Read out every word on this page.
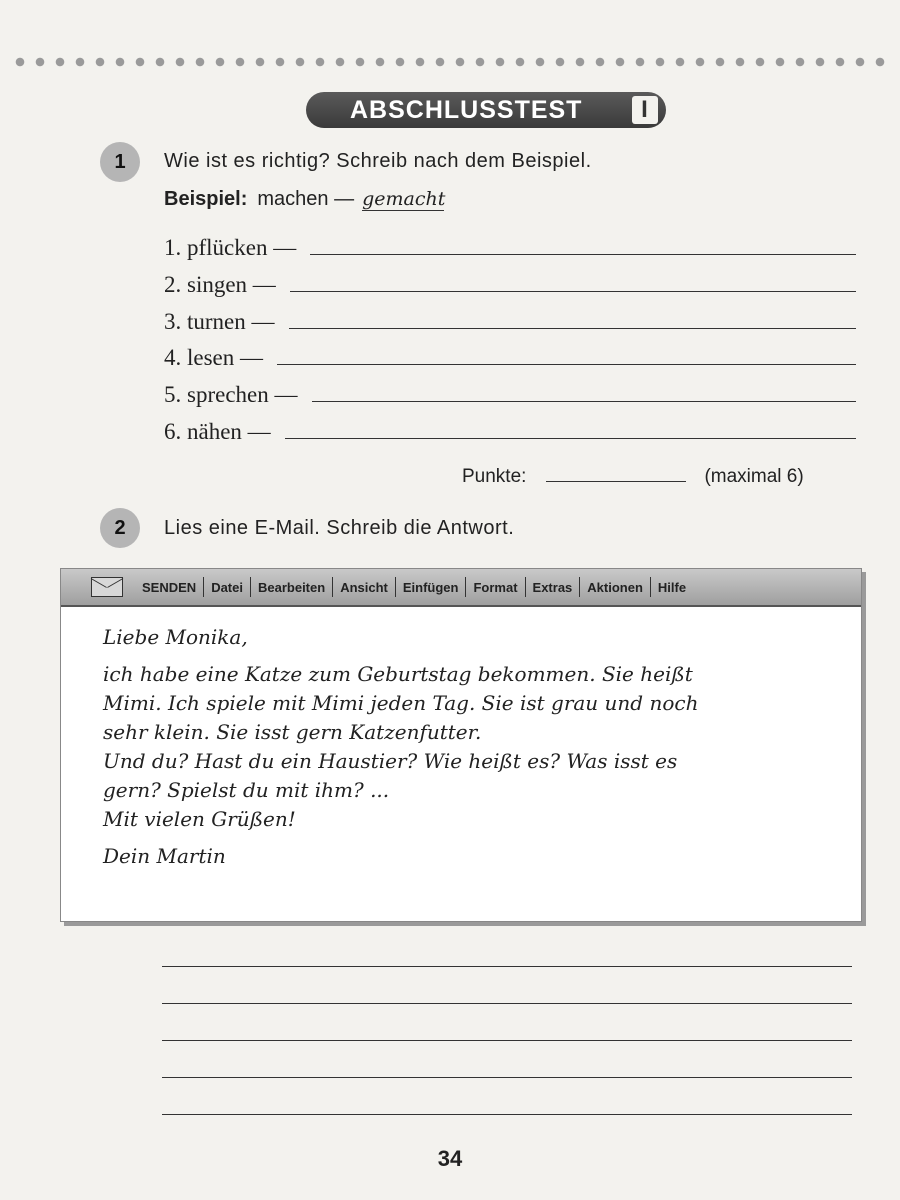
ABSCHLUSSTEST	I
1	Wie ist es richtig? Schreib nach dem Beispiel.
Beispiel: machen — gemacht
1. pflücken —
2. singen —
3. turnen —
4. lesen —
5. sprechen —
6. nähen —
Punkte:	(maximal 6)
2	Lies eine E-Mail. Schreib die Antwort.
SENDEN	Datei	Bearbeiten	Ansicht	Einfügen	Format	Extras	Aktionen	Hilfe

Liebe Monika,

ich habe eine Katze zum Geburtstag bekommen. Sie heißt

Mimi. Ich spiele mit Mimi jeden Tag. Sie ist grau und noch

sehr klein. Sie isst gern Katzenfutter.

Und du? Hast du ein Haustier? Wie heißt es? Was isst es

gern? Spielst du mit ihm? ...

Mit vielen Grüßen!

Dein Martin

34
